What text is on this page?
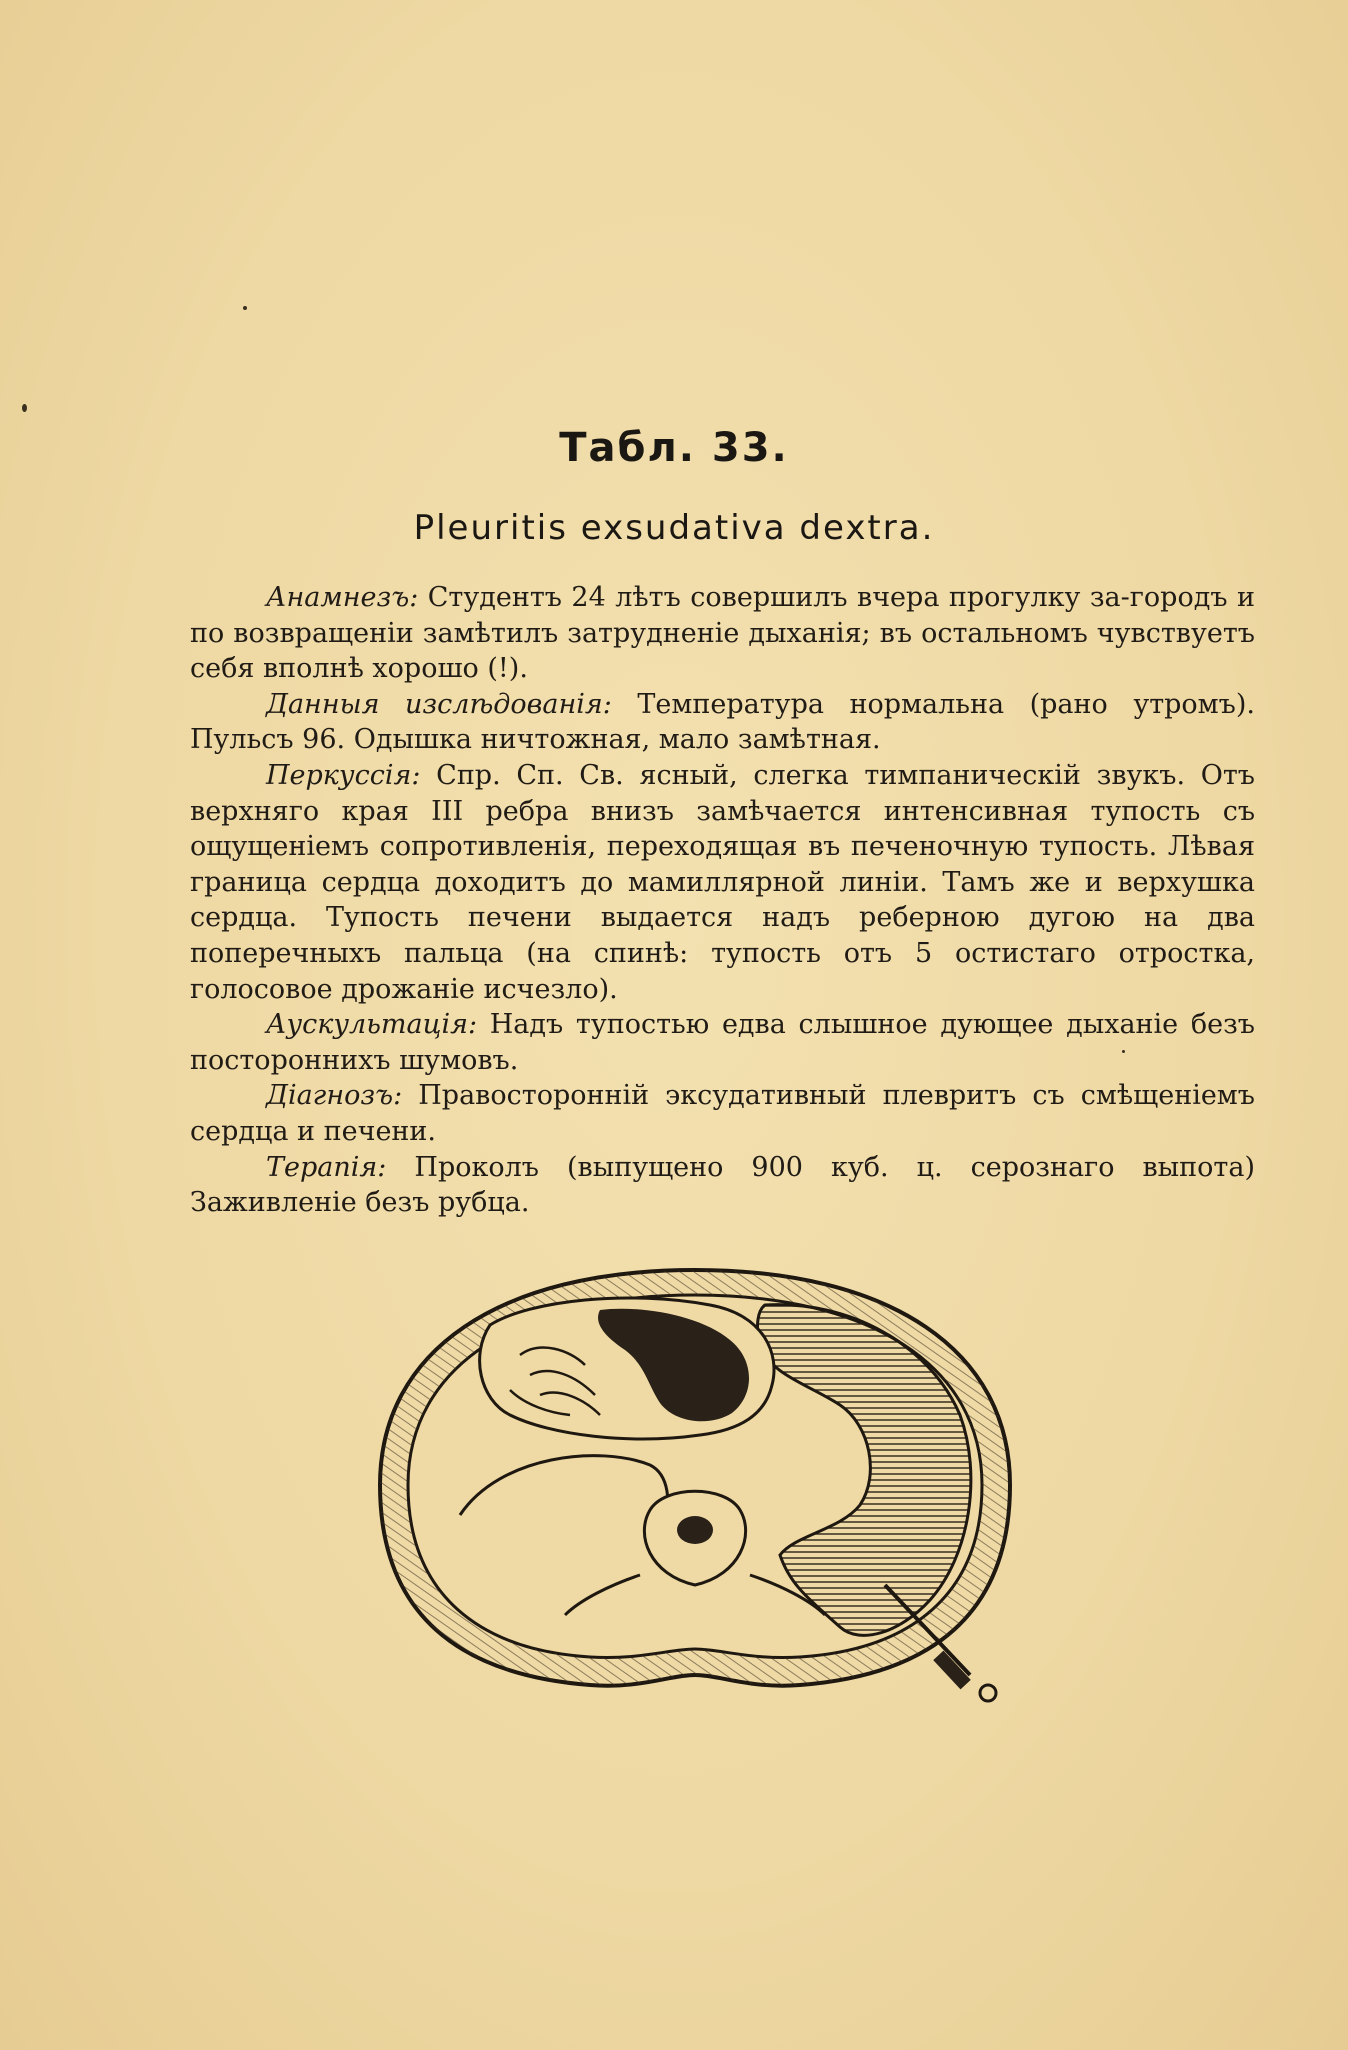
Табл. 33.
Pleuritis exsudativa dextra.

Анамнезъ: Студентъ 24 лѣтъ совершилъ вчера прогулку за-городъ и по возвращеніи замѣтилъ затрудненіе дыханія; въ остальномъ чувствуетъ себя вполнѣ хорошо (!).

Данныя изслѣдованія: Температура нормальна (рано утромъ). Пульсъ 96. Одышка ничтожная, мало замѣтная.

Перкуссія: Спр. Сп. Св. ясный, слегка тимпаническій звукъ. Отъ верхняго края III ребра внизъ замѣчается интенсивная тупость съ ощущеніемъ сопротивленія, переходящая въ печеночную тупость. Лѣвая граница сердца доходитъ до мамиллярной линіи. Тамъ же и верхушка сердца. Тупость печени выдается надъ реберною дугою на два поперечныхъ пальца (на спинѣ: тупость отъ 5 остистаго отростка, голосовое дрожаніе исчезло).

Аускультація: Надъ тупостью едва слышное дующее дыханіе безъ постороннихъ шумовъ.

Діагнозъ: Правосторонній эксудативный плевритъ съ смѣщеніемъ сердца и печени.

Терапія: Проколъ (выпущено 900 куб. ц. серознаго выпота) Заживленіе безъ рубца.
